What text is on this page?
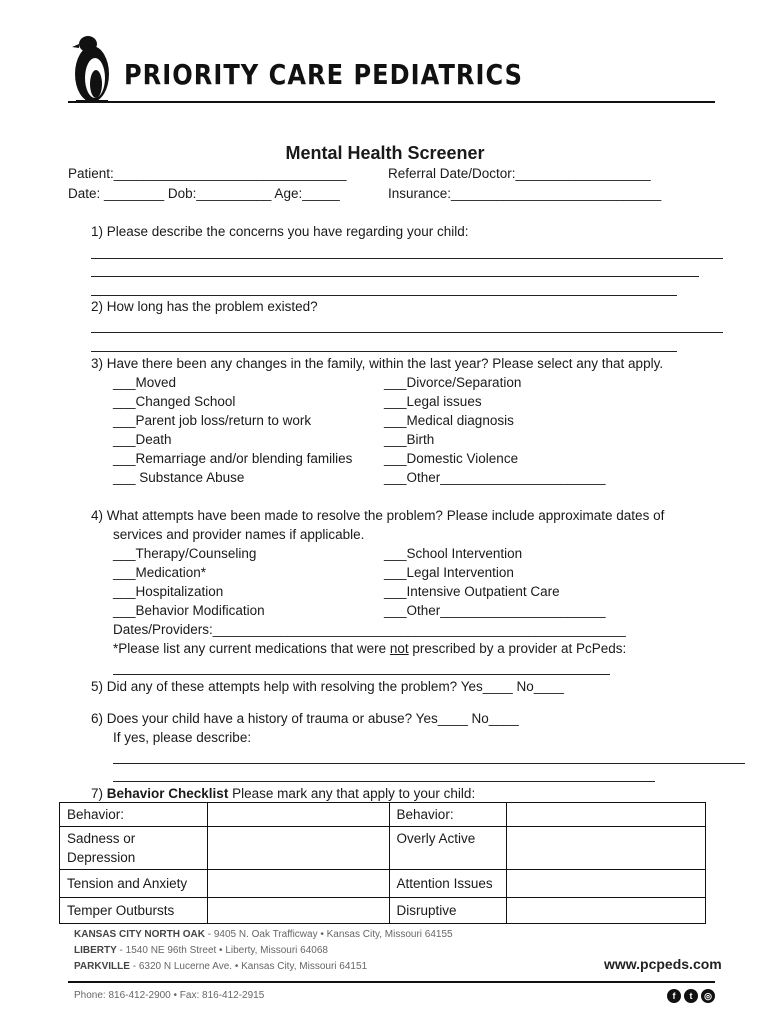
PRIORITY CARE PEDIATRICS
Mental Health Screener
Patient:_______________________________	Referral Date/Doctor:__________________
Date: ________ Dob:__________ Age:_____	Insurance:____________________________
1) Please describe the concerns you have regarding your child:
2) How long has the problem existed?
3) Have there been any changes in the family, within the last year? Please select any that apply.
___Moved
___Changed School
___Parent job loss/return to work
___Death
___Remarriage and/or blending families
___ Substance Abuse
___Divorce/Separation
___Legal issues
___Medical diagnosis
___Birth
___Domestic Violence
___Other______________________
4) What attempts have been made to resolve the problem? Please include approximate dates of
services and provider names if applicable.
___Therapy/Counseling
___Medication*
___Hospitalization
___Behavior Modification
___School Intervention
___Legal Intervention
___Intensive Outpatient Care
___Other______________________
Dates/Providers:_______________________________________________________
*Please list any current medications that were not prescribed by a provider at PcPeds:
5) Did any of these attempts help with resolving the problem? Yes____ No____
6) Does your child have a history of trauma or abuse? Yes____ No____
If yes, please describe:
7) Behavior Checklist Please mark any that apply to your child:
Behavior:		Behavior:	
Sadness or Depression		Overly Active	
Tension and Anxiety		Attention Issues	
Temper Outbursts		Disruptive	
KANSAS CITY NORTH OAK - 9405 N. Oak Trafficway • Kansas City, Missouri 64155
LIBERTY - 1540 NE 96th Street • Liberty, Missouri 64068
PARKVILLE - 6320 N Lucerne Ave. • Kansas City, Missouri 64151	www.pcpeds.com
Phone: 816-412-2900 • Fax: 816-412-2915	f	t	◎
